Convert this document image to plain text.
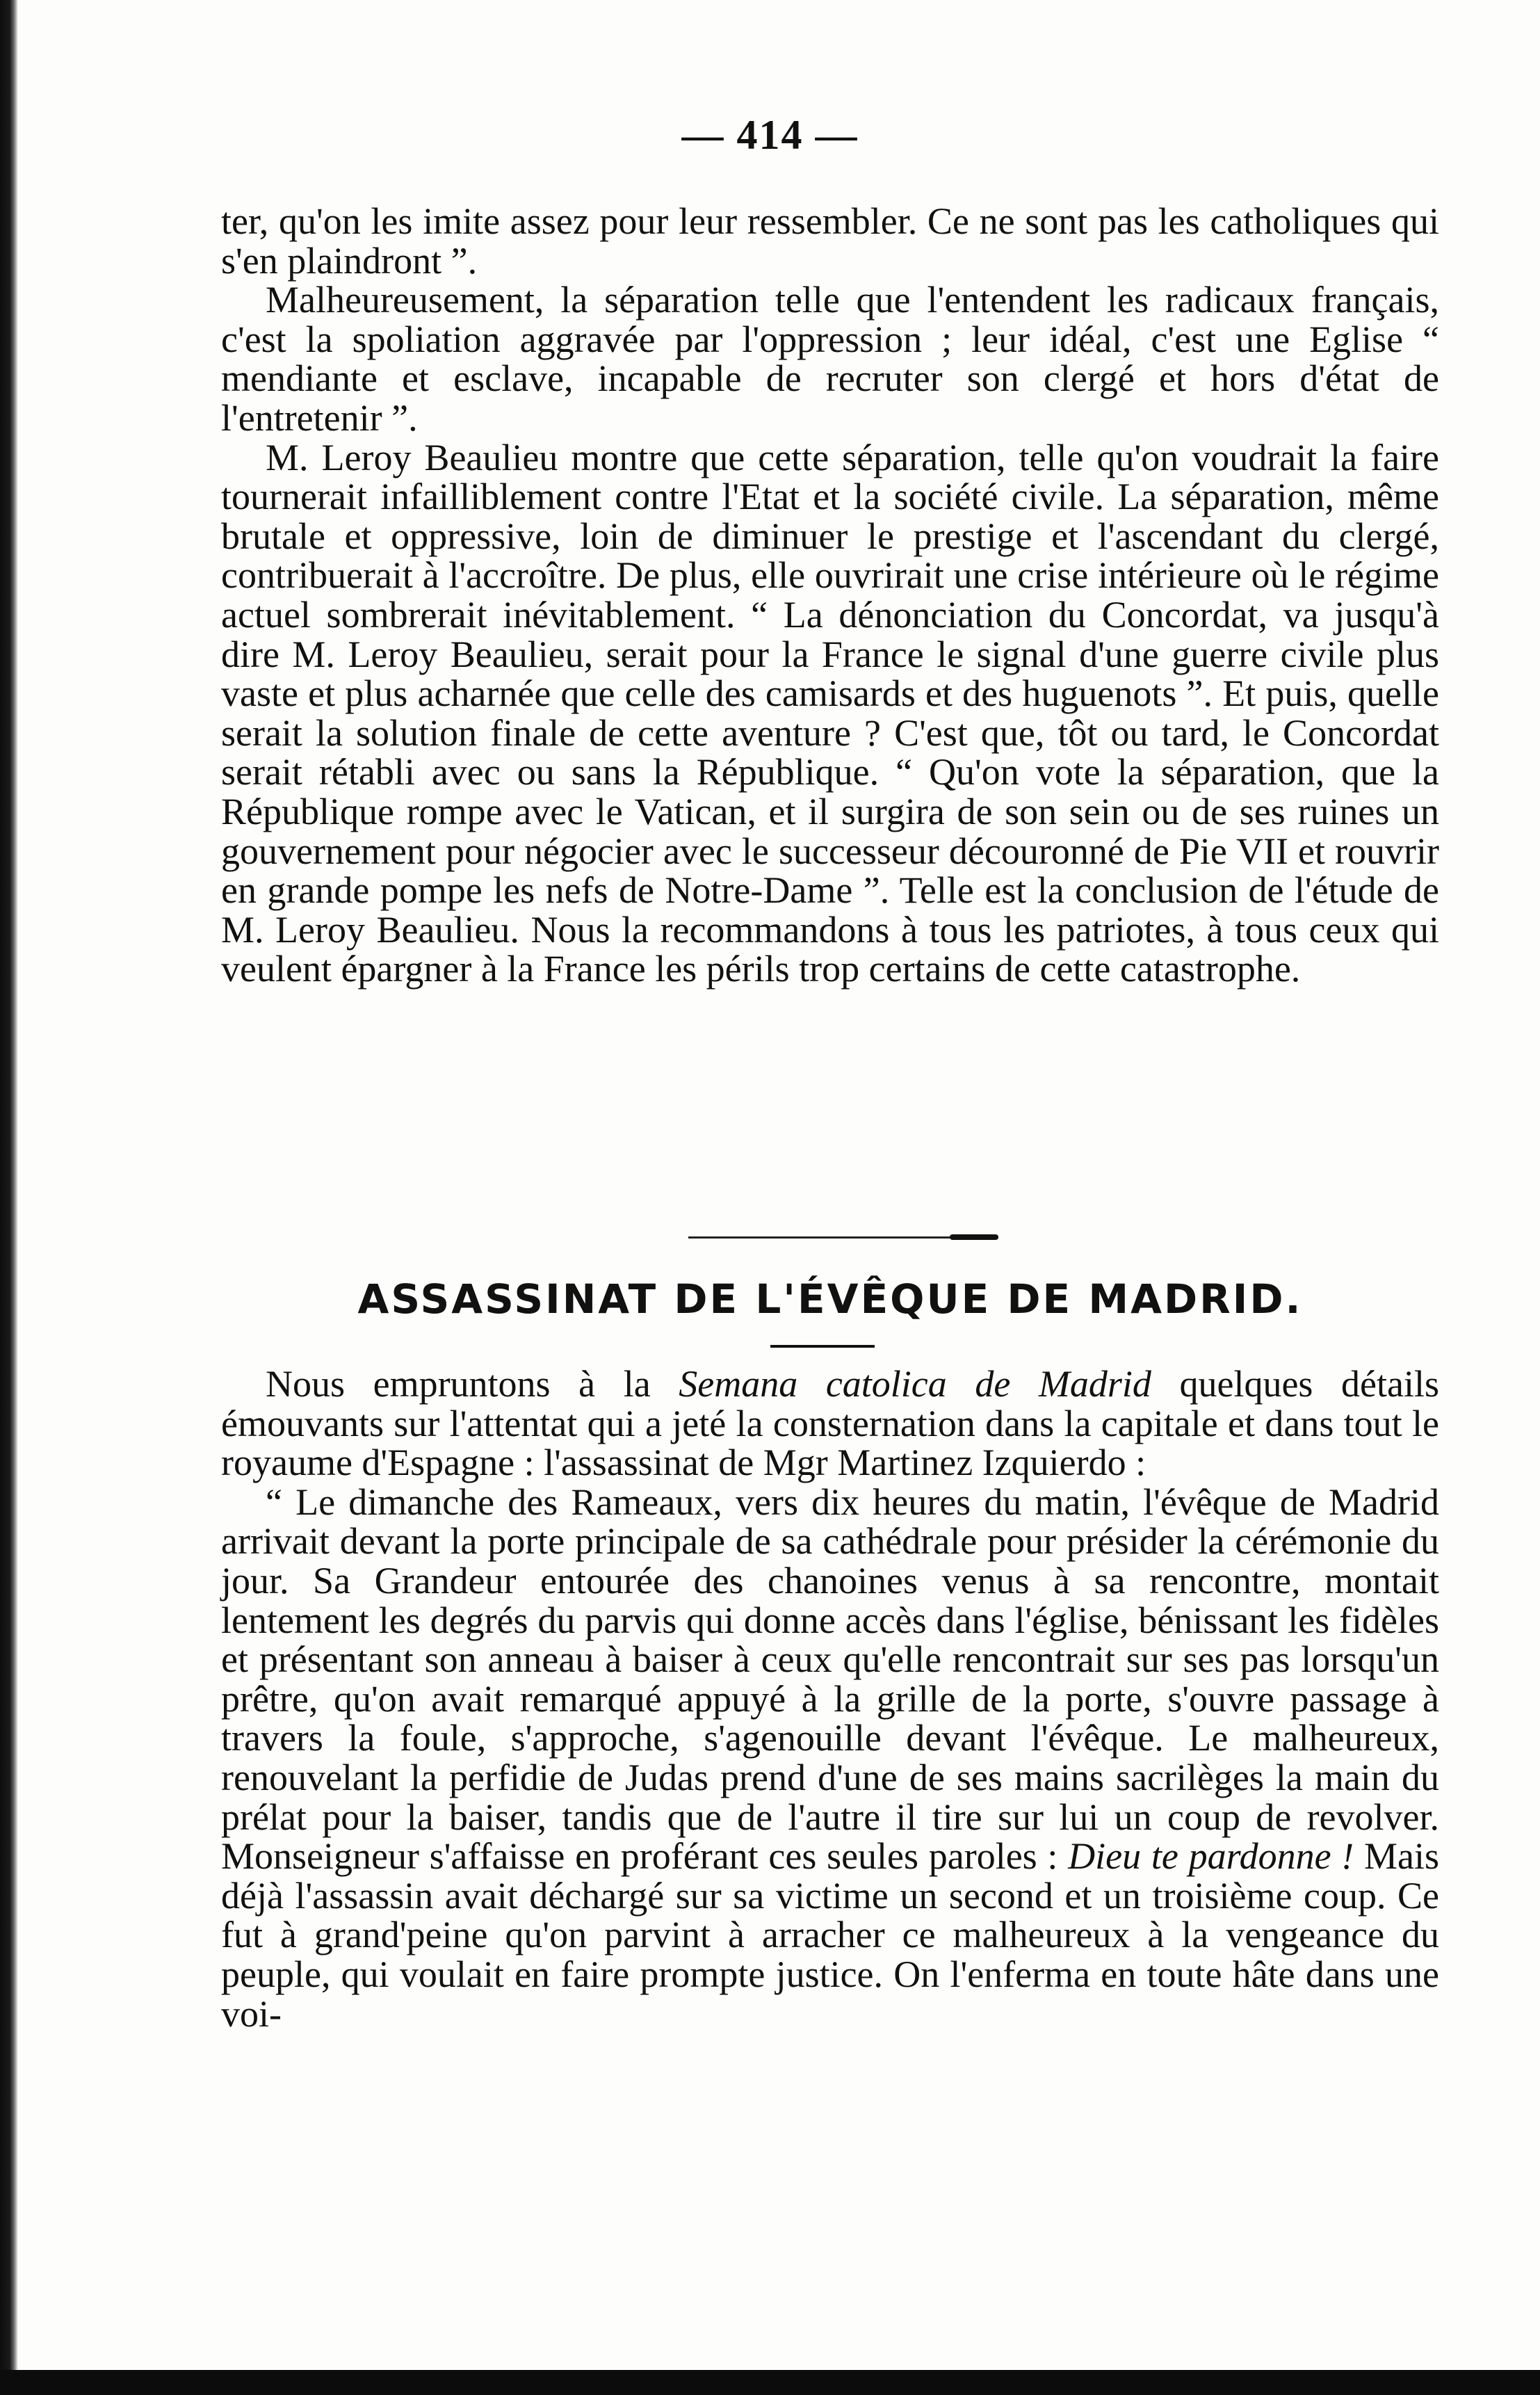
— 414 —

ter, qu'on les imite assez pour leur ressembler. Ce ne sont pas les catholiques qui s'en plaindront ”.

Malheureusement, la séparation telle que l'entendent les radicaux français, c'est la spoliation aggravée par l'oppression ; leur idéal, c'est une Eglise “ mendiante et esclave, incapable de recruter son clergé et hors d'état de l'entretenir ”.

M. Leroy Beaulieu montre que cette séparation, telle qu'on voudrait la faire tournerait infailliblement contre l'Etat et la société civile. La séparation, même brutale et oppressive, loin de diminuer le prestige et l'ascendant du clergé, contribuerait à l'accroître. De plus, elle ouvrirait une crise intérieure où le régime actuel sombrerait inévitablement. “ La dénonciation du Concordat, va jusqu'à dire M. Leroy Beaulieu, serait pour la France le signal d'une guerre civile plus vaste et plus acharnée que celle des camisards et des huguenots ”. Et puis, quelle serait la solution finale de cette aventure ? C'est que, tôt ou tard, le Concordat serait rétabli avec ou sans la République. “ Qu'on vote la séparation, que la République rompe avec le Vatican, et il surgira de son sein ou de ses ruines un gouvernement pour négocier avec le successeur découronné de Pie VII et rouvrir en grande pompe les nefs de Notre-Dame ”. Telle est la conclusion de l'étude de M. Leroy Beaulieu. Nous la recommandons à tous les patriotes, à tous ceux qui veulent épargner à la France les périls trop certains de cette catastrophe.

ASSASSINAT DE L'ÉVÊQUE DE MADRID.

Nous empruntons à la Semana catolica de Madrid quelques détails émouvants sur l'attentat qui a jeté la consternation dans la capitale et dans tout le royaume d'Espagne : l'assassinat de Mgr Martinez Izquierdo :

“ Le dimanche des Rameaux, vers dix heures du matin, l'évêque de Madrid arrivait devant la porte principale de sa cathédrale pour présider la cérémonie du jour. Sa Grandeur entourée des chanoines venus à sa rencontre, montait lentement les degrés du parvis qui donne accès dans l'église, bénissant les fidèles et présentant son anneau à baiser à ceux qu'elle rencontrait sur ses pas lorsqu'un prêtre, qu'on avait remarqué appuyé à la grille de la porte, s'ouvre passage à travers la foule, s'approche, s'agenouille devant l'évêque. Le malheureux, renouvelant la perfidie de Judas prend d'une de ses mains sacrilèges la main du prélat pour la baiser, tandis que de l'autre il tire sur lui un coup de revolver. Monseigneur s'affaisse en proférant ces seules paroles : Dieu te pardonne ! Mais déjà l'assassin avait déchargé sur sa victime un second et un troisième coup. Ce fut à grand'peine qu'on parvint à arracher ce malheureux à la vengeance du peuple, qui voulait en faire prompte justice. On l'enferma en toute hâte dans une voi-
